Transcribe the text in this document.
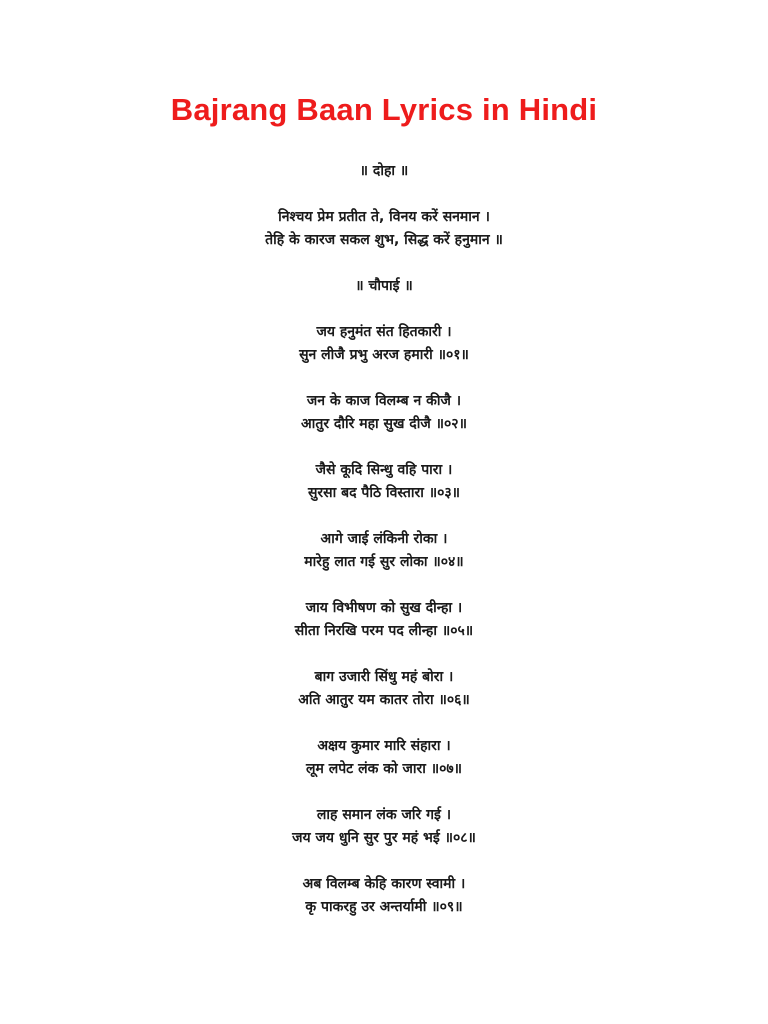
Bajrang Baan Lyrics in Hindi
॥ दोहा ॥
निश्चय प्रेम प्रतीत ते, विनय करें सनमान ।
तेहि के कारज सकल शुभ, सिद्ध करें हनुमान ॥
॥ चौपाई ॥
जय हनुमंत संत हितकारी ।
सुन लीजै प्रभु अरज हमारी ॥०१॥
जन के काज विलम्ब न कीजै ।
आतुर दौरि महा सुख दीजै ॥०२॥
जैसे कूदि सिन्धु वहि पारा ।
सुरसा बद पैठि विस्तारा ॥०३॥
आगे जाई लंकिनी रोका ।
मारेहु लात गई सुर लोका ॥०४॥
जाय विभीषण को सुख दीन्हा ।
सीता निरखि परम पद लीन्हा ॥०५॥
बाग उजारी सिंधु महं बोरा ।
अति आतुर यम कातर तोरा ॥०६॥
अक्षय कुमार मारि संहारा ।
लूम लपेट लंक को जारा ॥०७॥
लाह समान लंक जरि गई ।
जय जय धुनि सुर पुर महं भई ॥०८॥
अब विलम्ब केहि कारण स्वामी ।
कृ पाकरहु उर अन्तर्यामी ॥०९॥
